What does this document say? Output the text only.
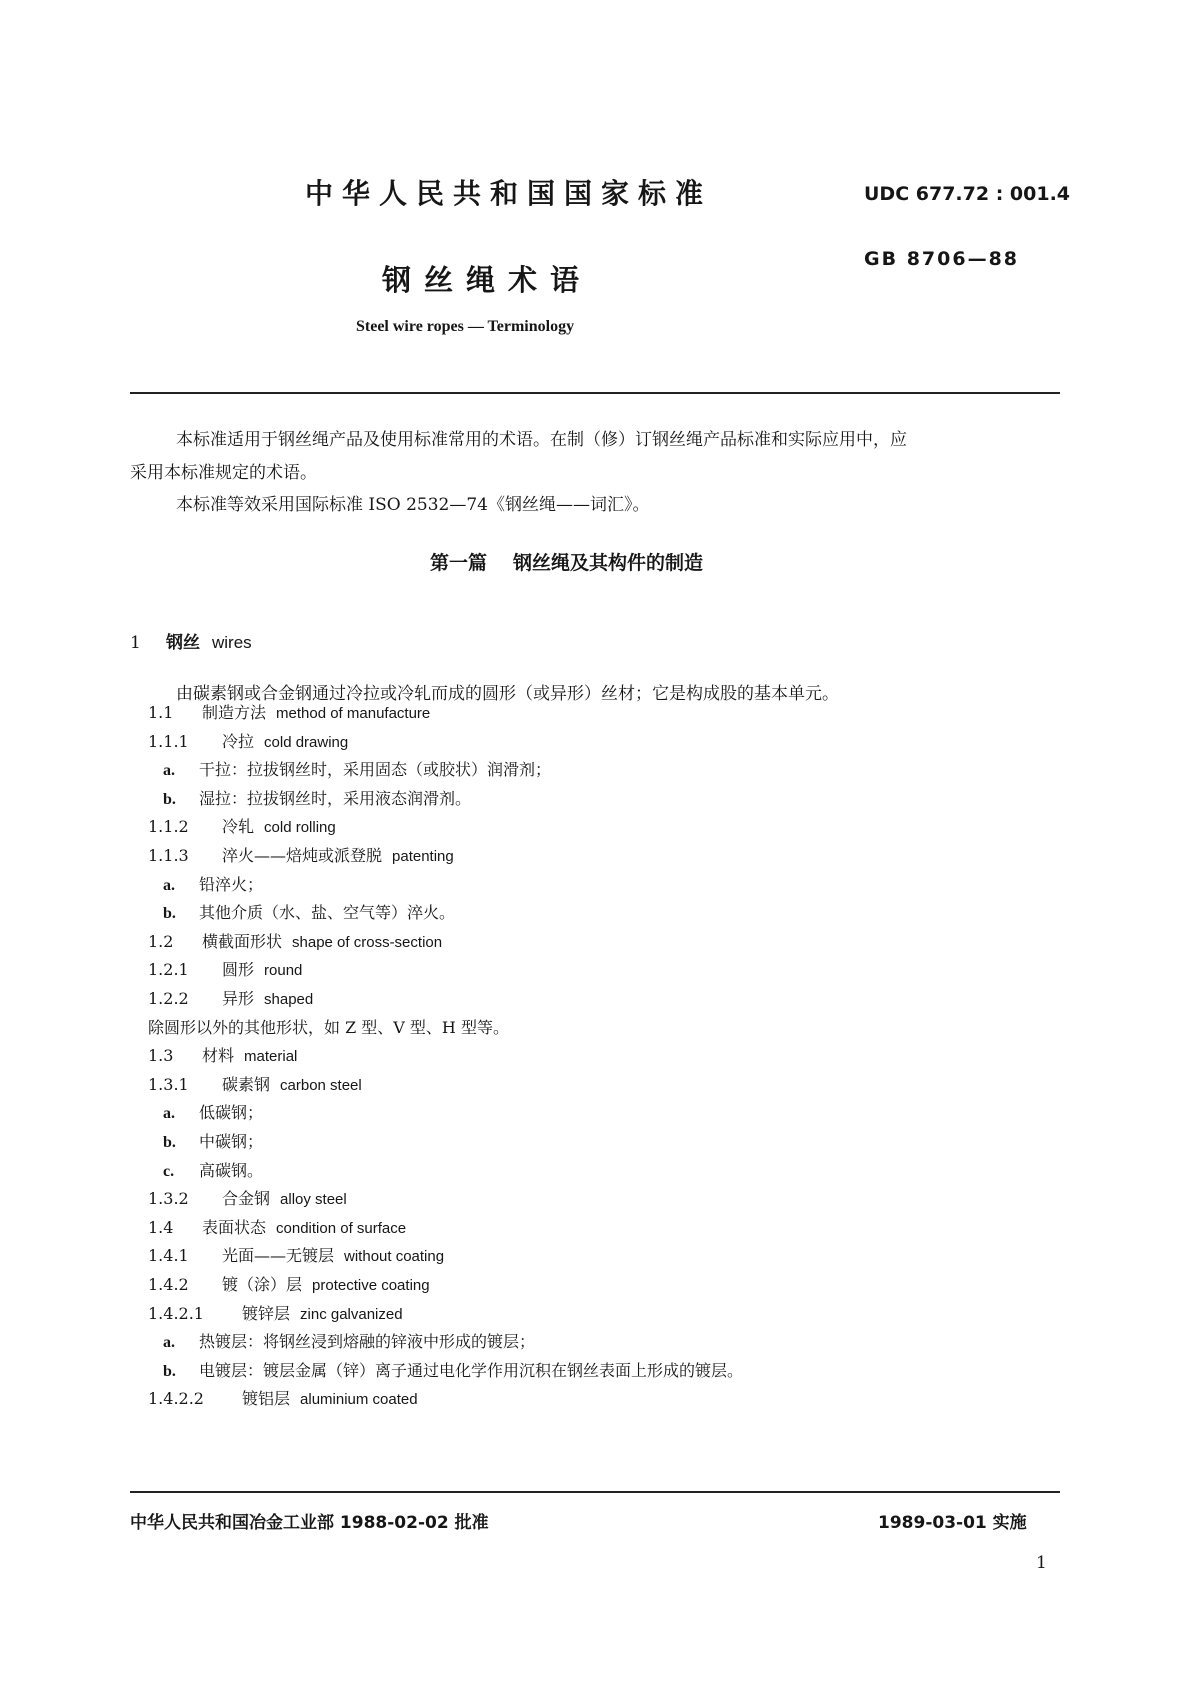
中华人民共和国国家标准	UDC 677.72 : 001.4
GB 8706—88
钢丝绳术语
Steel wire ropes — Terminology
本标准适用于钢丝绳产品及使用标准常用的术语。在制（修）订钢丝绳产品标准和实际应用中，应
采用本标准规定的术语。
本标准等效采用国际标准 ISO 2532—74《钢丝绳——词汇》。
第一篇 钢丝绳及其构件的制造
1 钢丝 wires
由碳素钢或合金钢通过冷拉或冷轧而成的圆形（或异形）丝材；它是构成股的基本单元。
1.1 制造方法 method of manufacture
1.1.1 冷拉 cold drawing
a. 干拉：拉拔钢丝时，采用固态（或胶状）润滑剂；
b. 湿拉：拉拔钢丝时，采用液态润滑剂。
1.1.2 冷轧 cold rolling
1.1.3 淬火——焙炖或派登脱 patenting
a. 铅淬火；
b. 其他介质（水、盐、空气等）淬火。
1.2 横截面形状 shape of cross-section
1.2.1 圆形 round
1.2.2 异形 shaped
除圆形以外的其他形状，如 Z 型、V 型、H 型等。
1.3 材料 material
1.3.1 碳素钢 carbon steel
a. 低碳钢；
b. 中碳钢；
c. 高碳钢。
1.3.2 合金钢 alloy steel
1.4 表面状态 condition of surface
1.4.1 光面——无镀层 without coating
1.4.2 镀（涂）层 protective coating
1.4.2.1 镀锌层 zinc galvanized
a. 热镀层：将钢丝浸到熔融的锌液中形成的镀层；
b. 电镀层：镀层金属（锌）离子通过电化学作用沉积在钢丝表面上形成的镀层。
1.4.2.2 镀铝层 aluminium coated
中华人民共和国冶金工业部 1988-02-02 批准	1989-03-01 实施
1
